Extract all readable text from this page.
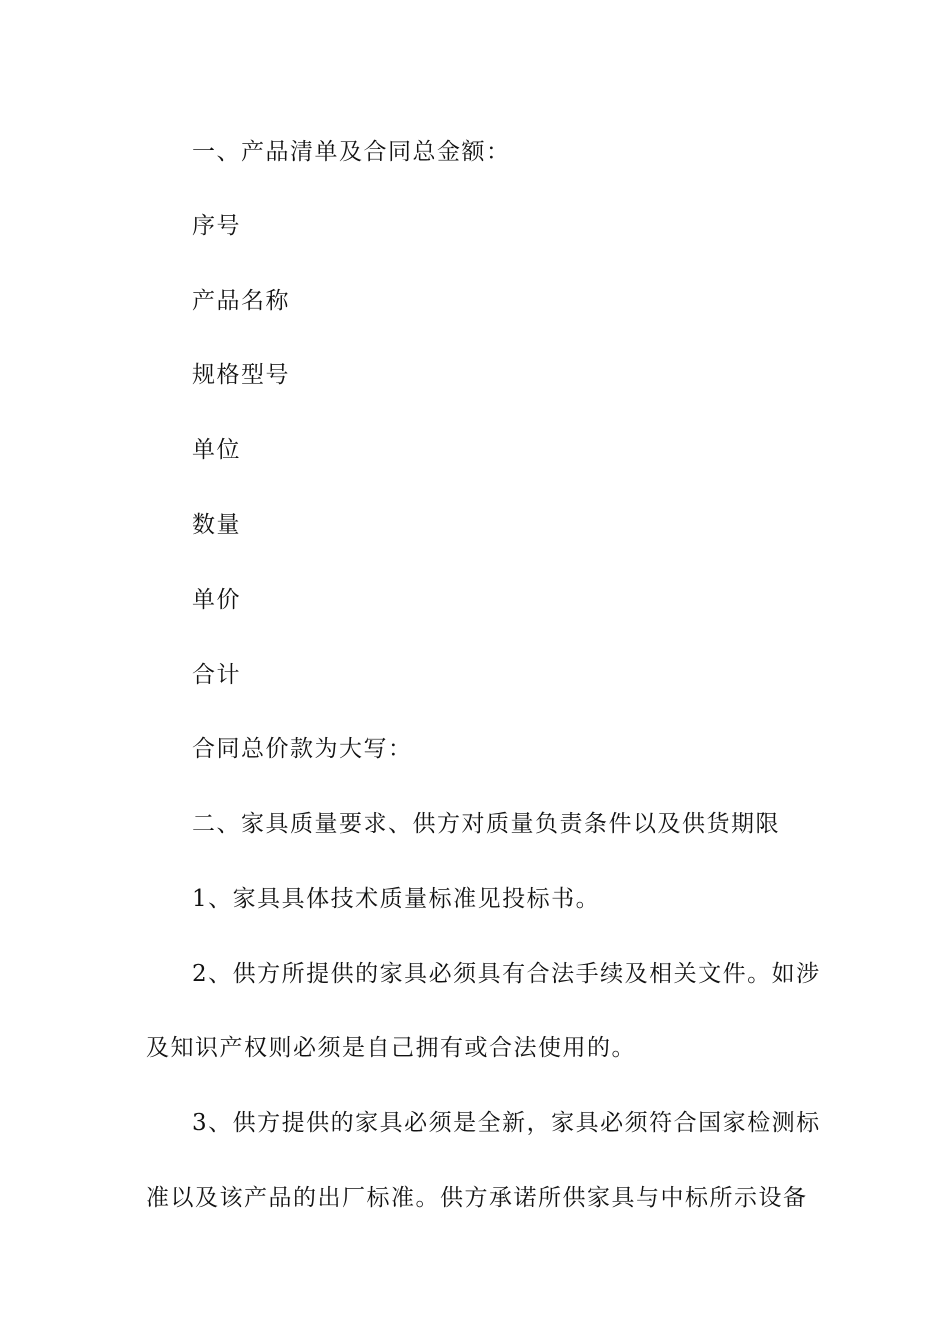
一、产品清单及合同总金额：
序号
产品名称
规格型号
单位
数量
单价
合计
合同总价款为大写：
二、家具质量要求、供方对质量负责条件以及供货期限
1、家具具体技术质量标准见投标书。
2、供方所提供的家具必须具有合法手续及相关文件。如涉
及知识产权则必须是自己拥有或合法使用的。
3、供方提供的家具必须是全新，家具必须符合国家检测标
准以及该产品的出厂标准。供方承诺所供家具与中标所示设备
